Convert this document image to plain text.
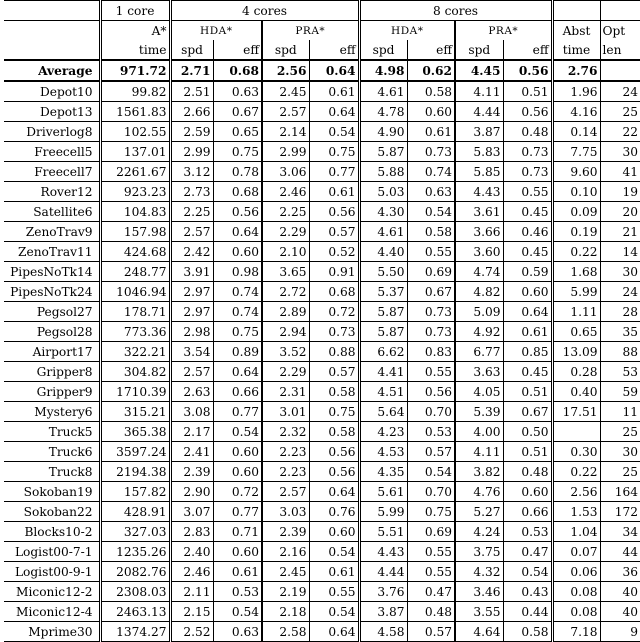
	1 core	4 cores				8 cores					
	A*	HDA*		PRA*		HDA*		PRA*		Abst	Opt
	time	spd	eff	spd	eff	spd	eff	spd	eff	time	len
Average	971.72	2.71	0.68	2.56	0.64	4.98	0.62	4.45	0.56	2.76	
Depot10	99.82	2.51	0.63	2.45	0.61	4.61	0.58	4.11	0.51	1.96	24
Depot13	1561.83	2.66	0.67	2.57	0.64	4.78	0.60	4.44	0.56	4.16	25
Driverlog8	102.55	2.59	0.65	2.14	0.54	4.90	0.61	3.87	0.48	0.14	22
Freecell5	137.01	2.99	0.75	2.99	0.75	5.87	0.73	5.83	0.73	7.75	30
Freecell7	2261.67	3.12	0.78	3.06	0.77	5.88	0.74	5.85	0.73	9.60	41
Rover12	923.23	2.73	0.68	2.46	0.61	5.03	0.63	4.43	0.55	0.10	19
Satellite6	104.83	2.25	0.56	2.25	0.56	4.30	0.54	3.61	0.45	0.09	20
ZenoTrav9	157.98	2.57	0.64	2.29	0.57	4.61	0.58	3.66	0.46	0.19	21
ZenoTrav11	424.68	2.42	0.60	2.10	0.52	4.40	0.55	3.60	0.45	0.22	14
PipesNoTk14	248.77	3.91	0.98	3.65	0.91	5.50	0.69	4.74	0.59	1.68	30
PipesNoTk24	1046.94	2.97	0.74	2.72	0.68	5.37	0.67	4.82	0.60	5.99	24
Pegsol27	178.71	2.97	0.74	2.89	0.72	5.87	0.73	5.09	0.64	1.11	28
Pegsol28	773.36	2.98	0.75	2.94	0.73	5.87	0.73	4.92	0.61	0.65	35
Airport17	322.21	3.54	0.89	3.52	0.88	6.62	0.83	6.77	0.85	13.09	88
Gripper8	304.82	2.57	0.64	2.29	0.57	4.41	0.55	3.63	0.45	0.28	53
Gripper9	1710.39	2.63	0.66	2.31	0.58	4.51	0.56	4.05	0.51	0.40	59
Mystery6	315.21	3.08	0.77	3.01	0.75	5.64	0.70	5.39	0.67	17.51	11
Truck5	365.38	2.17	0.54	2.32	0.58	4.23	0.53	4.00	0.50		25
Truck6	3597.24	2.41	0.60	2.23	0.56	4.53	0.57	4.11	0.51	0.30	30
Truck8	2194.38	2.39	0.60	2.23	0.56	4.35	0.54	3.82	0.48	0.22	25
Sokoban19	157.82	2.90	0.72	2.57	0.64	5.61	0.70	4.76	0.60	2.56	164
Sokoban22	428.91	3.07	0.77	3.03	0.76	5.99	0.75	5.27	0.66	1.53	172
Blocks10-2	327.03	2.83	0.71	2.39	0.60	5.51	0.69	4.24	0.53	1.04	34
Logist00-7-1	1235.26	2.40	0.60	2.16	0.54	4.43	0.55	3.75	0.47	0.07	44
Logist00-9-1	2082.76	2.46	0.61	2.45	0.61	4.44	0.55	4.32	0.54	0.06	36
Miconic12-2	2308.03	2.11	0.53	2.19	0.55	3.76	0.47	3.46	0.43	0.08	40
Miconic12-4	2463.13	2.15	0.54	2.18	0.54	3.87	0.48	3.55	0.44	0.08	40
Mprime30	1374.27	2.52	0.63	2.58	0.64	4.58	0.57	4.64	0.58	7.18	9
